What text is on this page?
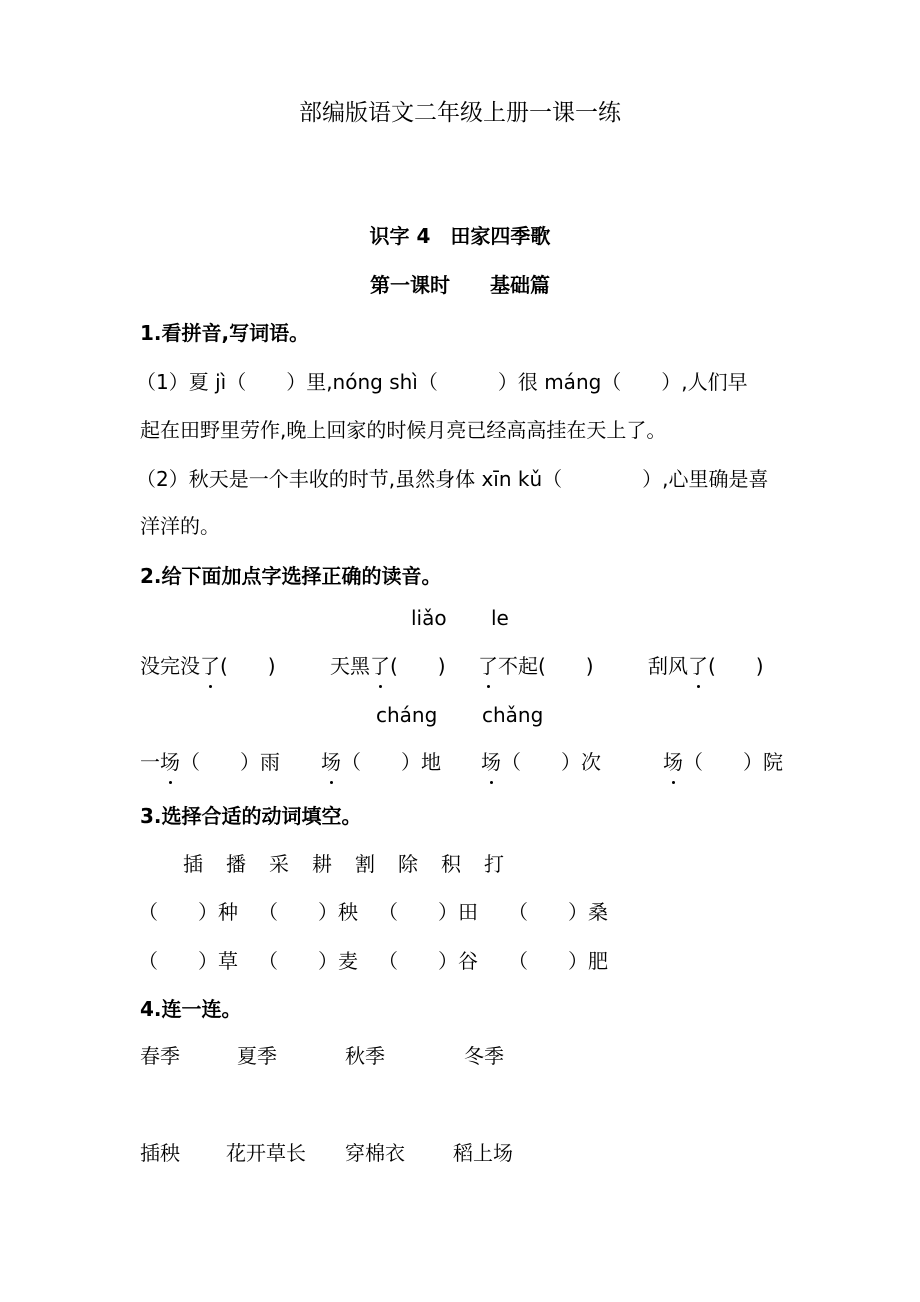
部编版语文二年级上册一课一练
识字 4　田家四季歌
第一课时　　基础篇
1.看拼音,写词语。
（1）夏 jì（　　）里,nóng shì（　　　）很 máng（　　）,人们早
起在田野里劳作,晚上回家的时候月亮已经高高挂在天上了。
（2）秋天是一个丰收的时节,虽然身体 xīn kǔ（　　　　）,心里确是喜
洋洋的。
2.给下面加点字选择正确的读音。
liǎo le
没完没了(　　)	天黑了(　　) 了不起(　　)	刮风了(　　)
cháng chǎng
一场（　　）雨 场（　　）地 场（　　）次	场（　　）院
3.选择合适的动词填空。
插 播 采 耕 割 除 积 打
（　　）种 （　　）秧 （　　）田 （　　）桑
（　　）草 （　　）麦 （　　）谷 （　　）肥
4.连一连。
春季	夏季	秋季	冬季
插秧 花开草长 穿棉衣 稻上场
